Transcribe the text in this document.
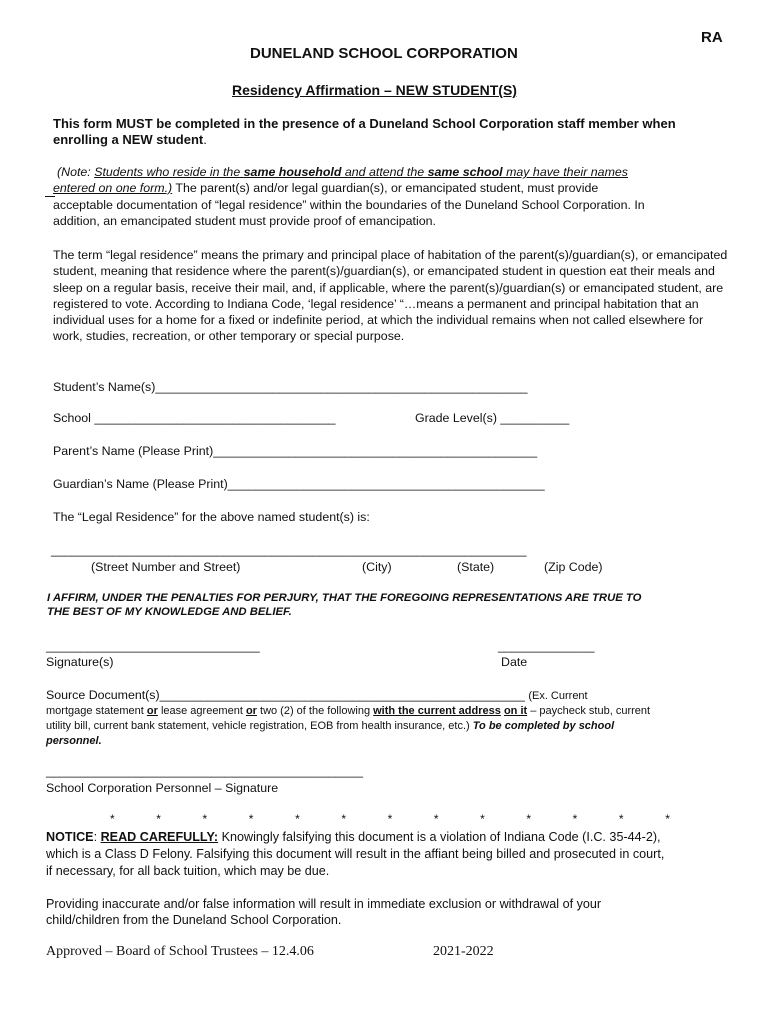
RA
DUNELAND SCHOOL CORPORATION
Residency Affirmation – NEW STUDENT(S)
This form MUST be completed in the presence of a Duneland School Corporation staff member when enrolling a NEW student.
(Note: Students who reside in the same household and attend the same school may have their names
entered on one form.) The parent(s) and/or legal guardian(s), or emancipated student, must provide
acceptable documentation of “legal residence” within the boundaries of the Duneland School Corporation. In
addition, an emancipated student must provide proof of emancipation.
The term “legal residence” means the primary and principal place of habitation of the parent(s)/guardian(s), or emancipated student, meaning that residence where the parent(s)/guardian(s), or emancipated student in question eat their meals and sleep on a regular basis, receive their mail, and, if applicable, where the parent(s)/guardian(s) or emancipated student, are registered to vote. According to Indiana Code, ‘legal residence’ “…means a permanent and principal habitation that an individual uses for a home for a fixed or indefinite period, at which the individual remains when not called elsewhere for work, studies, recreation, or other temporary or special purpose.
Student’s Name(s)______________________________________________________
School ___________________________________	Grade Level(s) __________
Parent’s Name (Please Print)_______________________________________________
Guardian’s Name (Please Print)______________________________________________
The “Legal Residence” for the above named student(s) is:
_____________________________________________________________________
(Street Number and Street)	(City)	(State)	(Zip Code)
I AFFIRM, UNDER THE PENALTIES FOR PERJURY, THAT THE FOREGOING REPRESENTATIONS ARE TRUE TO
THE BEST OF MY KNOWLEDGE AND BELIEF.
_______________________________
Signature(s)
______________
Date
Source Document(s)_____________________________________________________ (Ex. Current
mortgage statement or lease agreement or two (2) of the following with the current address on it – paycheck stub, current
utility bill, current bank statement, vehicle registration, EOB from health insurance, etc.) To be completed by school
personnel.
______________________________________________
School Corporation Personnel – Signature
*	*	*	*	*	*	*	*	*	*	*	*	*
NOTICE: READ CAREFULLY: Knowingly falsifying this document is a violation of Indiana Code (I.C. 35-44-2),
which is a Class D Felony. Falsifying this document will result in the affiant being billed and prosecuted in court,
if necessary, for all back tuition, which may be due.
Providing inaccurate and/or false information will result in immediate exclusion or withdrawal of your
child/children from the Duneland School Corporation.
Approved – Board of School Trustees – 12.4.06	2021-2022
